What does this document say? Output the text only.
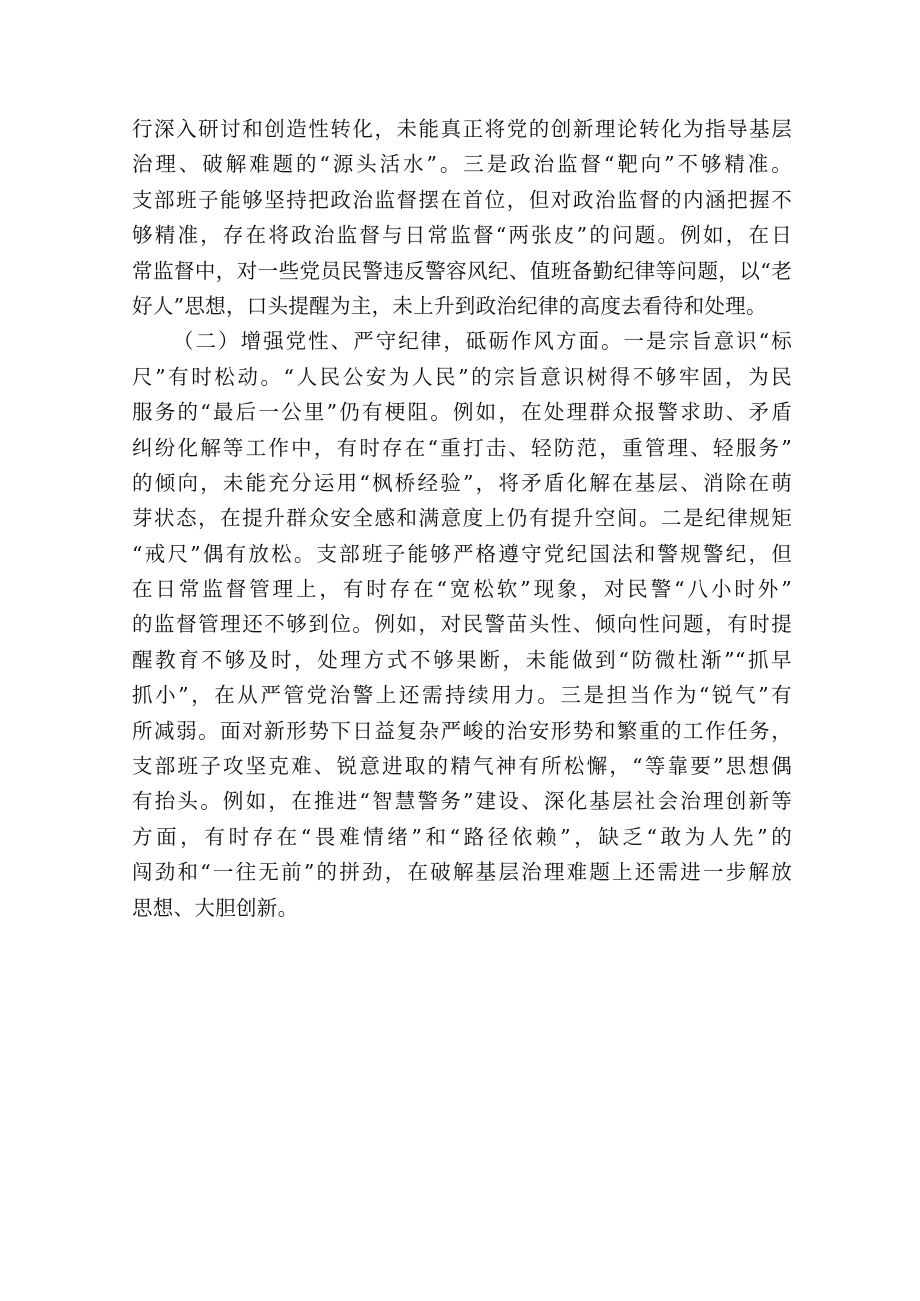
行深入研讨和创造性转化，未能真正将党的创新理论转化为指导基层
治理、破解难题的“源头活水”。三是政治监督“靶向”不够精准。
支部班子能够坚持把政治监督摆在首位，但对政治监督的内涵把握不
够精准，存在将政治监督与日常监督“两张皮”的问题。例如，在日
常监督中，对一些党员民警违反警容风纪、值班备勤纪律等问题，以“老
好人”思想，口头提醒为主，未上升到政治纪律的高度去看待和处理。
（二）增强党性、严守纪律，砥砺作风方面。一是宗旨意识“标
尺”有时松动。“人民公安为人民”的宗旨意识树得不够牢固，为民
服务的“最后一公里”仍有梗阻。例如，在处理群众报警求助、矛盾
纠纷化解等工作中，有时存在“重打击、轻防范，重管理、轻服务”
的倾向，未能充分运用“枫桥经验”，将矛盾化解在基层、消除在萌
芽状态，在提升群众安全感和满意度上仍有提升空间。二是纪律规矩
“戒尺”偶有放松。支部班子能够严格遵守党纪国法和警规警纪，但
在日常监督管理上，有时存在“宽松软”现象，对民警“八小时外”
的监督管理还不够到位。例如，对民警苗头性、倾向性问题，有时提
醒教育不够及时，处理方式不够果断，未能做到“防微杜渐”“抓早
抓小”，在从严管党治警上还需持续用力。三是担当作为“锐气”有
所减弱。面对新形势下日益复杂严峻的治安形势和繁重的工作任务，
支部班子攻坚克难、锐意进取的精气神有所松懈，“等靠要”思想偶
有抬头。例如，在推进“智慧警务”建设、深化基层社会治理创新等
方面，有时存在“畏难情绪”和“路径依赖”，缺乏“敢为人先”的
闯劲和“一往无前”的拼劲，在破解基层治理难题上还需进一步解放
思想、大胆创新。
